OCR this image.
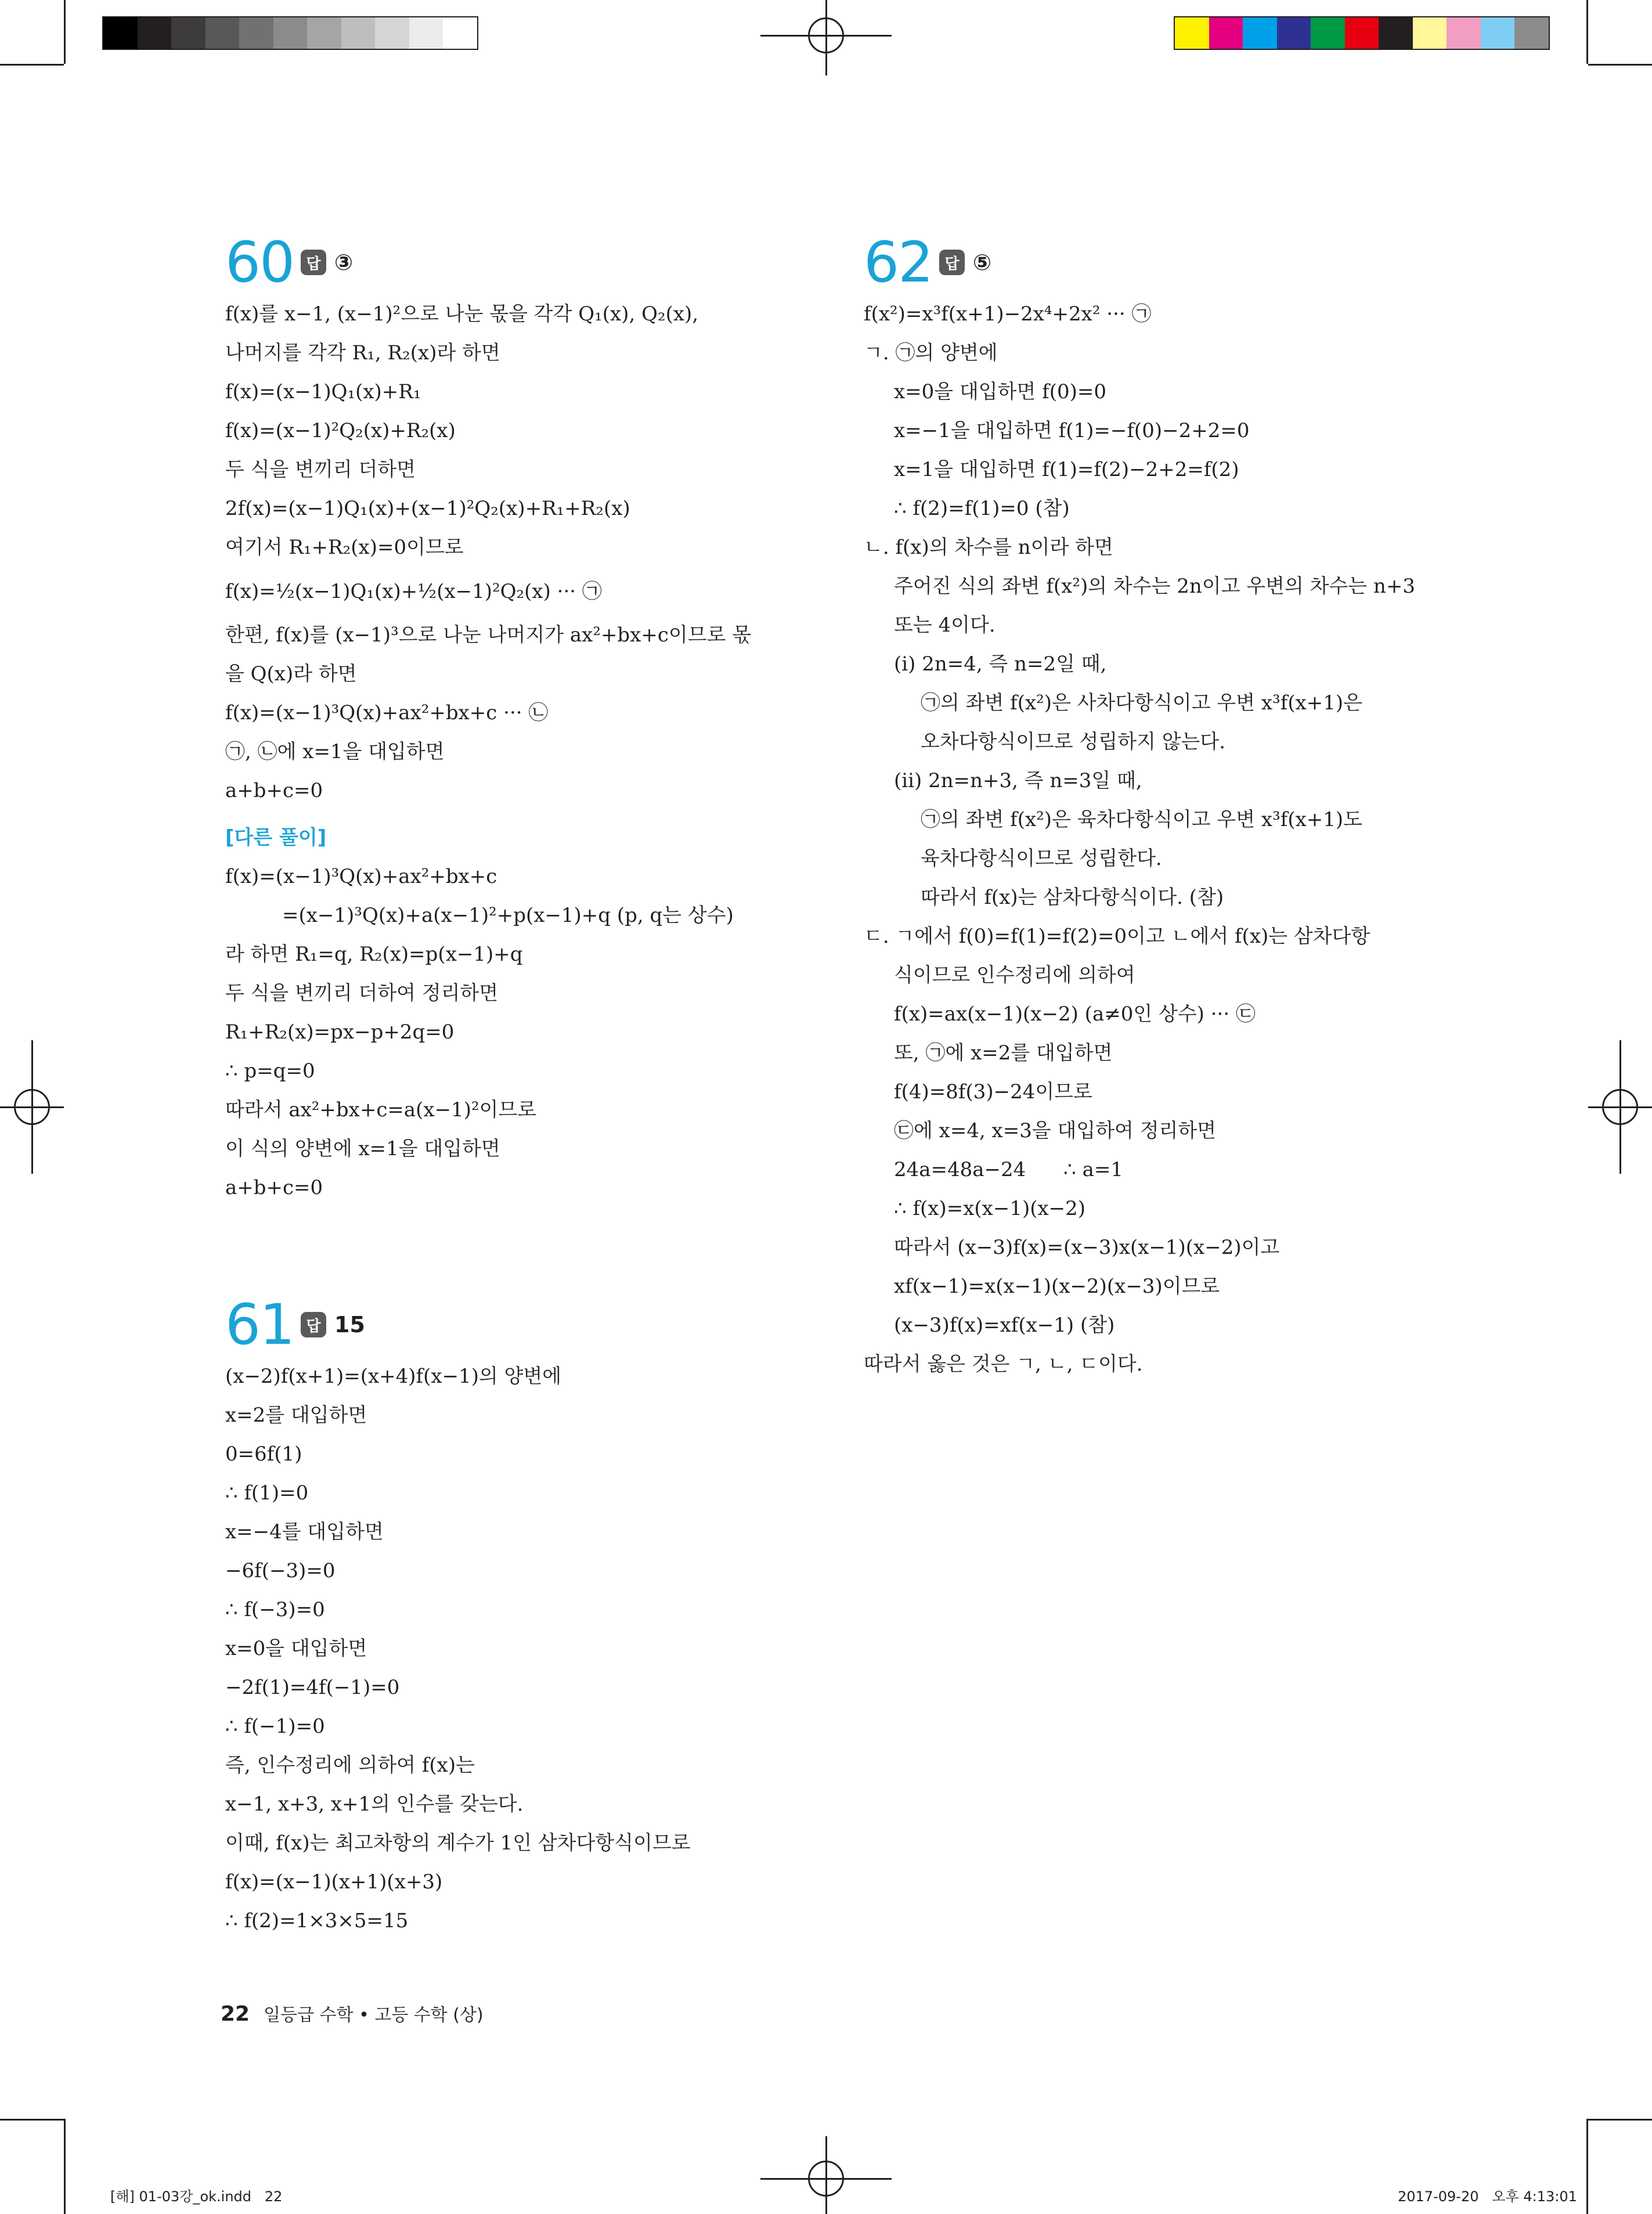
60 답 ③
f(x)를 x−1, (x−1)²으로 나눈 몫을 각각 Q₁(x), Q₂(x),
나머지를 각각 R₁, R₂(x)라 하면
f(x)=(x−1)Q₁(x)+R₁
f(x)=(x−1)²Q₂(x)+R₂(x)
두 식을 변끼리 더하면
2f(x)=(x−1)Q₁(x)+(x−1)²Q₂(x)+R₁+R₂(x)
여기서 R₁+R₂(x)=0이므로
f(x)=½(x−1)Q₁(x)+½(x−1)²Q₂(x) ··· ㉠
한편, f(x)를 (x−1)³으로 나눈 나머지가 ax²+bx+c이므로 몫
을 Q(x)라 하면
f(x)=(x−1)³Q(x)+ax²+bx+c ··· ㉡
㉠, ㉡에 x=1을 대입하면
a+b+c=0
[다른 풀이]
f(x)=(x−1)³Q(x)+ax²+bx+c
=(x−1)³Q(x)+a(x−1)²+p(x−1)+q (p, q는 상수)
라 하면 R₁=q, R₂(x)=p(x−1)+q
두 식을 변끼리 더하여 정리하면
R₁+R₂(x)=px−p+2q=0
∴ p=q=0
따라서 ax²+bx+c=a(x−1)²이므로
이 식의 양변에 x=1을 대입하면
a+b+c=0
61 답 15
(x−2)f(x+1)=(x+4)f(x−1)의 양변에
x=2를 대입하면
0=6f(1)
∴ f(1)=0
x=−4를 대입하면
−6f(−3)=0
∴ f(−3)=0
x=0을 대입하면
−2f(1)=4f(−1)=0
∴ f(−1)=0
즉, 인수정리에 의하여 f(x)는
x−1, x+3, x+1의 인수를 갖는다.
이때, f(x)는 최고차항의 계수가 1인 삼차다항식이므로
f(x)=(x−1)(x+1)(x+3)
∴ f(2)=1×3×5=15
62 답 ⑤
f(x²)=x³f(x+1)−2x⁴+2x² ··· ㉠
ㄱ. ㉠의 양변에
x=0을 대입하면 f(0)=0
x=−1을 대입하면 f(1)=−f(0)−2+2=0
x=1을 대입하면 f(1)=f(2)−2+2=f(2)
∴ f(2)=f(1)=0 (참)
ㄴ. f(x)의 차수를 n이라 하면
주어진 식의 좌변 f(x²)의 차수는 2n이고 우변의 차수는 n+3
또는 4이다.
(ⅰ) 2n=4, 즉 n=2일 때,
㉠의 좌변 f(x²)은 사차다항식이고 우변 x³f(x+1)은
오차다항식이므로 성립하지 않는다.
(ⅱ) 2n=n+3, 즉 n=3일 때,
㉠의 좌변 f(x²)은 육차다항식이고 우변 x³f(x+1)도
육차다항식이므로 성립한다.
따라서 f(x)는 삼차다항식이다. (참)
ㄷ. ㄱ에서 f(0)=f(1)=f(2)=0이고 ㄴ에서 f(x)는 삼차다항
식이므로 인수정리에 의하여
f(x)=ax(x−1)(x−2) (a≠0인 상수) ··· ㉢
또, ㉠에 x=2를 대입하면
f(4)=8f(3)−24이므로
㉢에 x=4, x=3을 대입하여 정리하면
24a=48a−24      ∴ a=1
∴ f(x)=x(x−1)(x−2)
따라서 (x−3)f(x)=(x−3)x(x−1)(x−2)이고
xf(x−1)=x(x−1)(x−2)(x−3)이므로
(x−3)f(x)=xf(x−1) (참)
따라서 옳은 것은 ㄱ, ㄴ, ㄷ이다.
22 일등급 수학 • 고등 수학 (상)
[해] 01-03강_ok.indd   22	2017-09-20   오후 4:13:01
